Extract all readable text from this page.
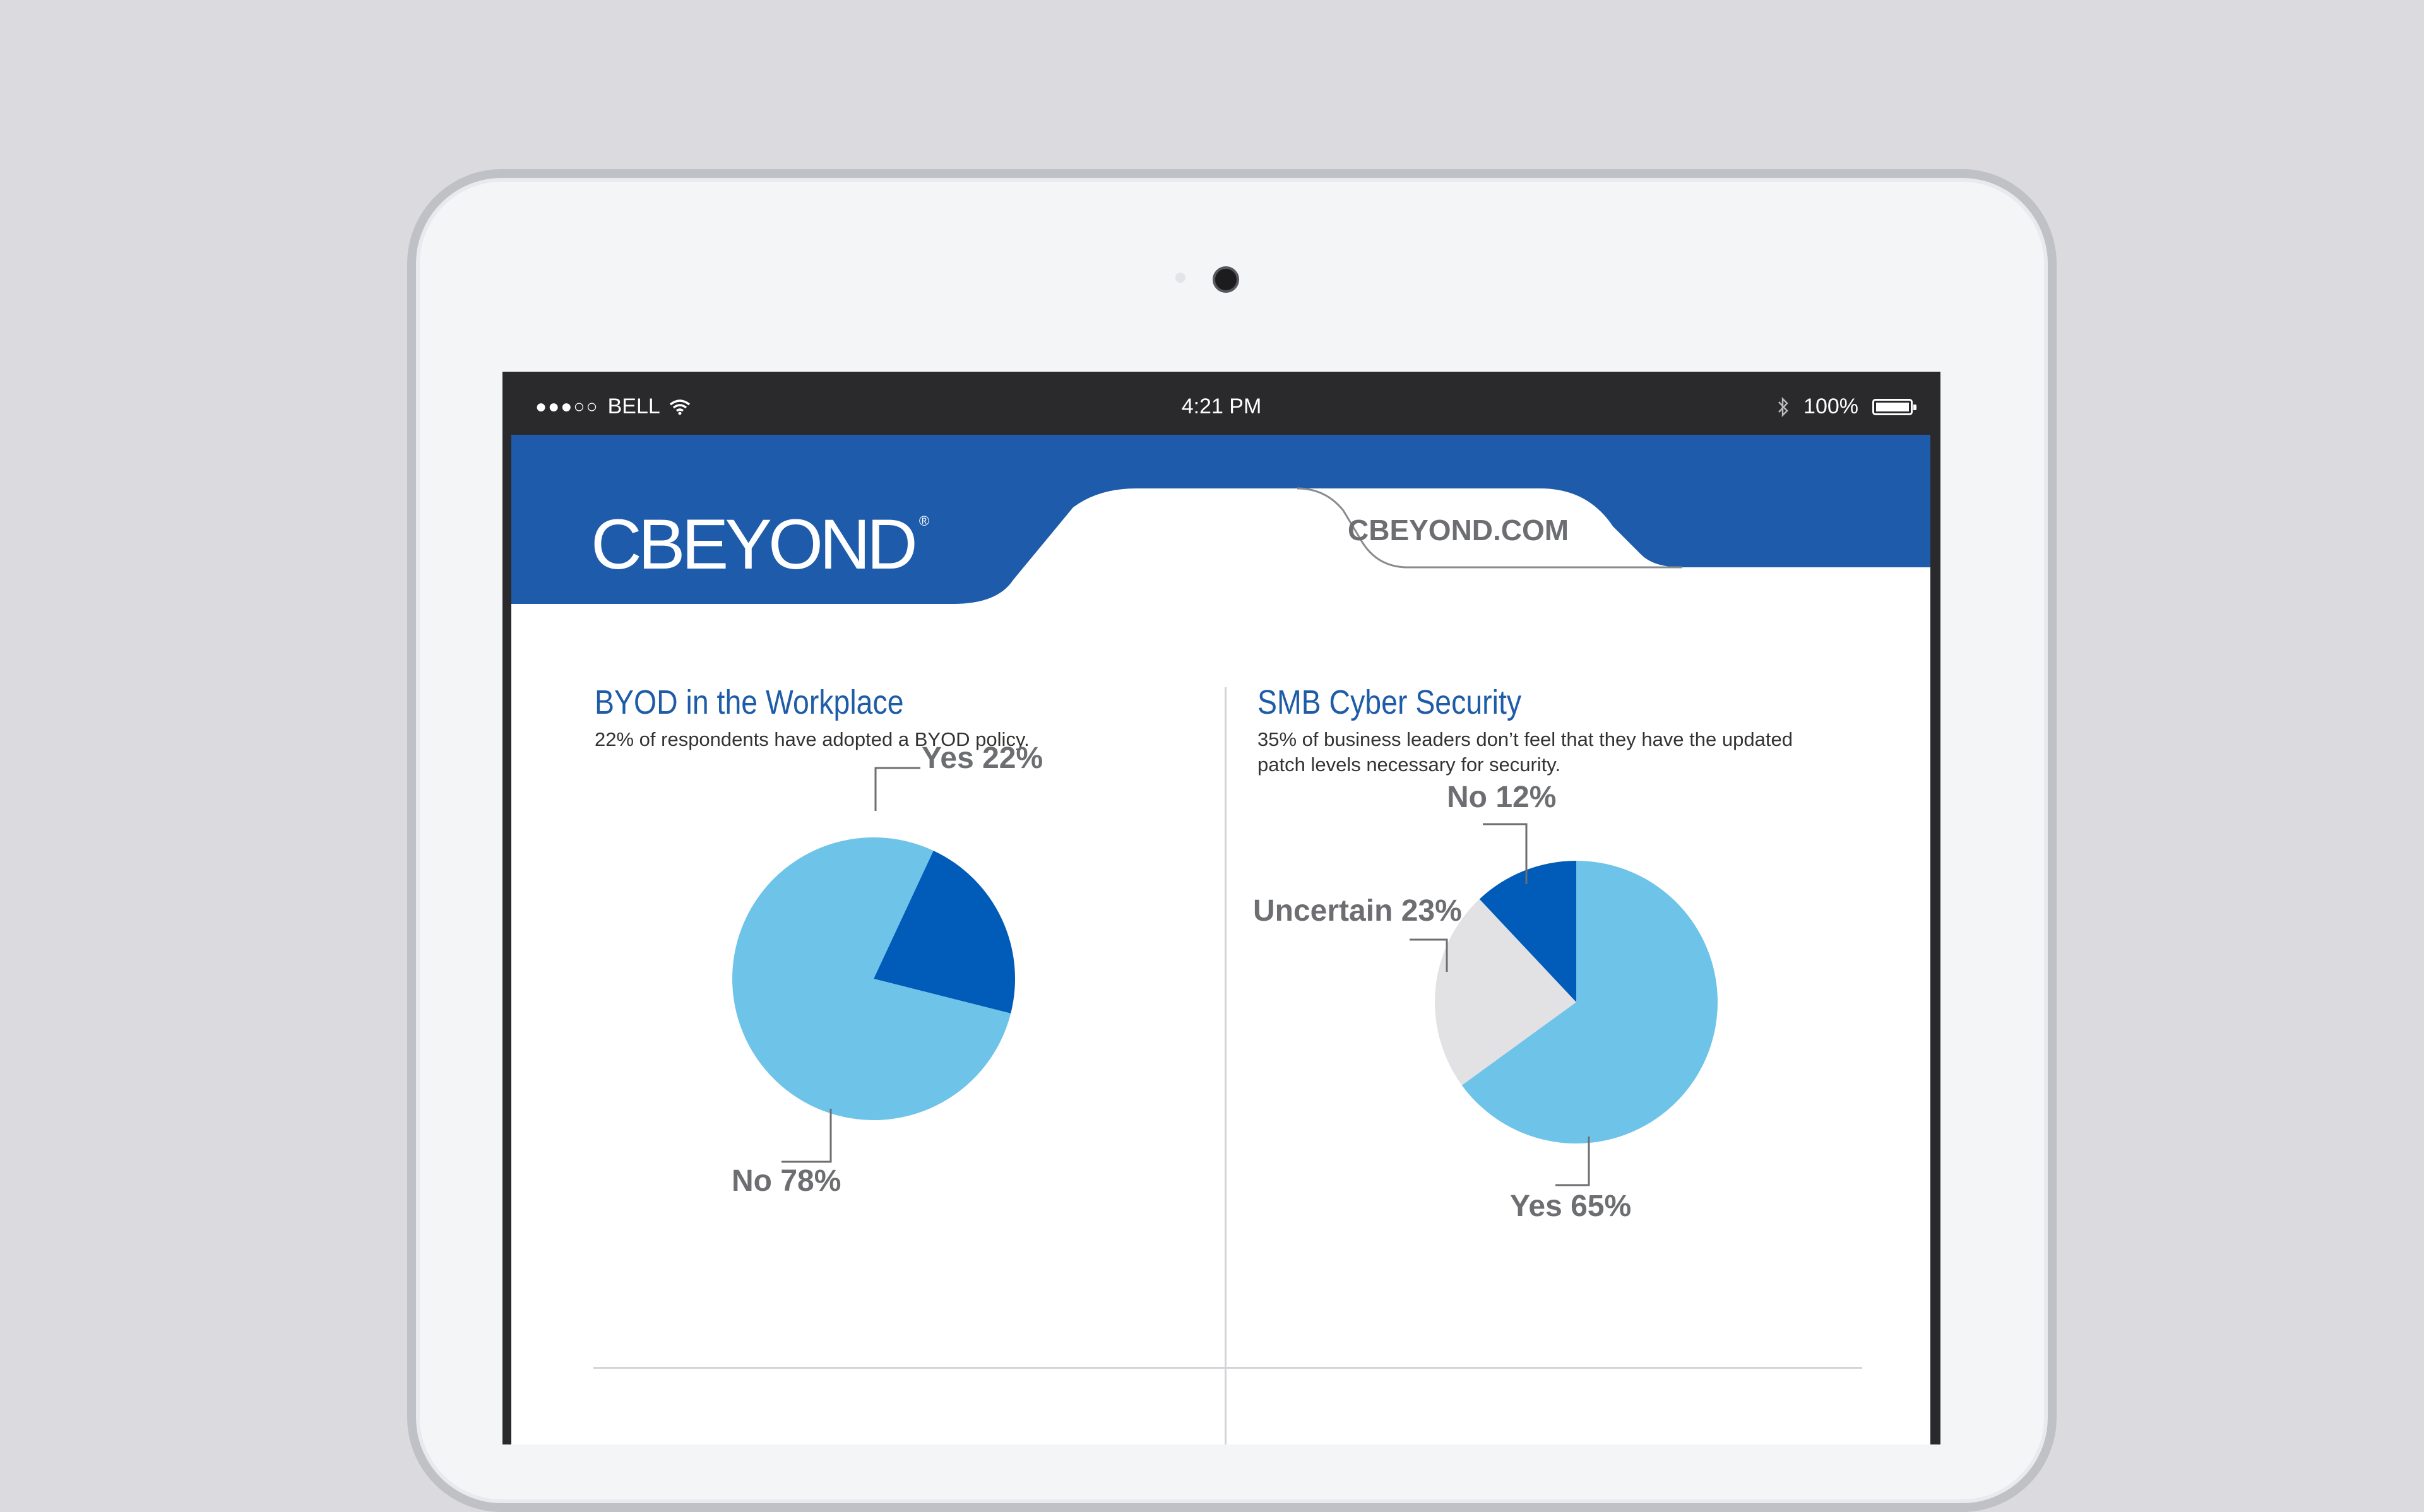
●●●○○ BELL	4:21 PM	100%
CBEYOND ®	CBEYOND.COM
BYOD in the Workplace
22% of respondents have adopted a BYOD policy.
SMB Cyber Security
35% of business leaders don’t feel that they have the updated
patch levels necessary for security.
Yes 22%
No 78%
Yes 65%
Uncertain 23%
No 12%
